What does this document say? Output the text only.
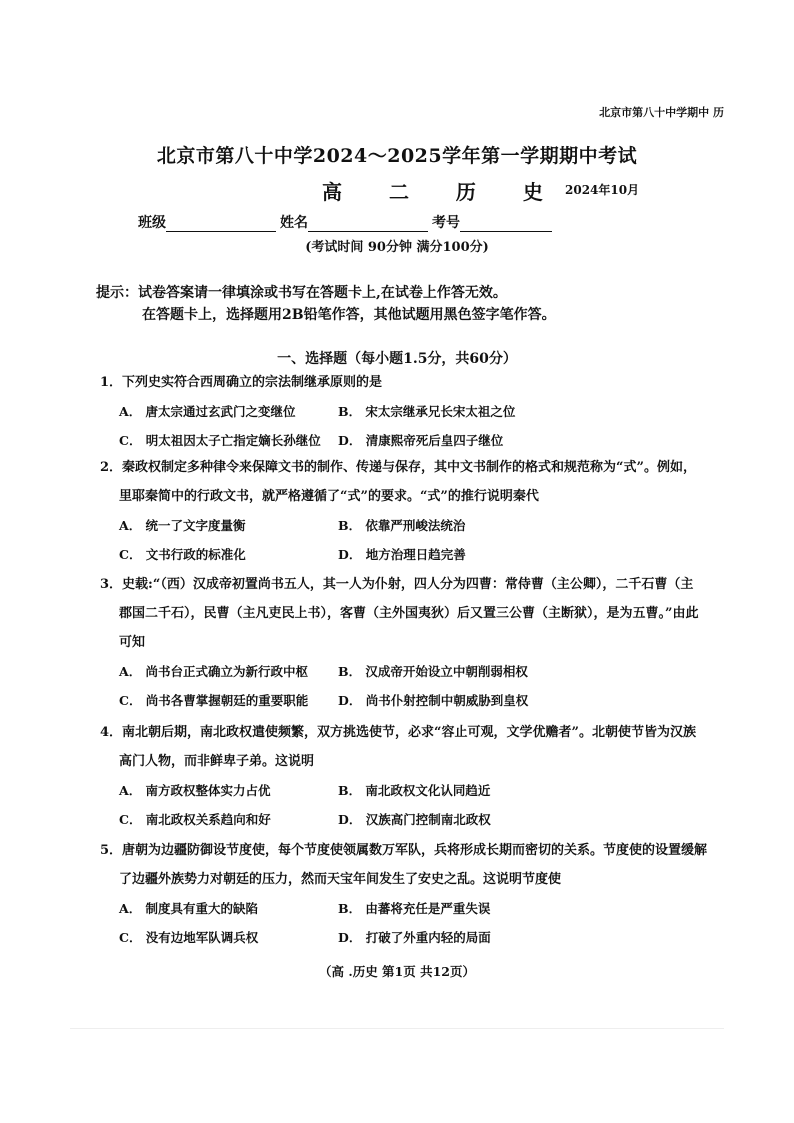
北京市第八十中学期中 历
北京市第八十中学2024～2025学年第一学期期中考试
高 二 历 史 2024年10月
班级	姓名	考号
(考试时间 90分钟 满分100分)
提示：试卷答案请一律填涂或书写在答题卡上,在试卷上作答无效。
在答题卡上，选择题用2B铅笔作答，其他试题用黑色签字笔作答。
一、选择题（每小题1.5分，共60分）

1．下列史实符合西周确立的宗法制继承原则的是

A． 唐太宗通过玄武门之变继位	B． 宋太宗继承兄长宋太祖之位
C． 明太祖因太子亡指定嫡长孙继位 D． 清康熙帝死后皇四子继位

2．秦政权制定多种律令来保障文书的制作、传递与保存，其中文书制作的格式和规范称为“式”。例如，

里耶秦简中的行政文书，就严格遵循了“式”的要求。“式”的推行说明秦代

A． 统一了文字度量衡	B． 依靠严刑峻法统治
C． 文书行政的标准化	D． 地方治理日趋完善

3．史载:“（西）汉成帝初置尚书五人，其一人为仆射，四人分为四曹：常侍曹（主公卿），二千石曹（主

郡国二千石），民曹（主凡吏民上书），客曹（主外国夷狄）后又置三公曹（主断狱），是为五曹。”由此

可知

A． 尚书台正式确立为新行政中枢 B． 汉成帝开始设立中朝削弱相权
C． 尚书各曹掌握朝廷的重要职能 D． 尚书仆射控制中朝威胁到皇权

4．南北朝后期，南北政权遣使频繁，双方挑选使节，必求“容止可观，文学优赡者”。北朝使节皆为汉族

高门人物，而非鲜卑子弟。这说明

A． 南方政权整体实力占优	B． 南北政权文化认同趋近
C． 南北政权关系趋向和好	D． 汉族高门控制南北政权

5．唐朝为边疆防御设节度使，每个节度使领属数万军队，兵将形成长期而密切的关系。节度使的设置缓解

了边疆外族势力对朝廷的压力，然而天宝年间发生了安史之乱。这说明节度使

A． 制度具有重大的缺陷	B． 由蕃将充任是严重失误
C． 没有边地军队调兵权	D． 打破了外重内轻的局面
（高 .历史 第1页 共12页）
